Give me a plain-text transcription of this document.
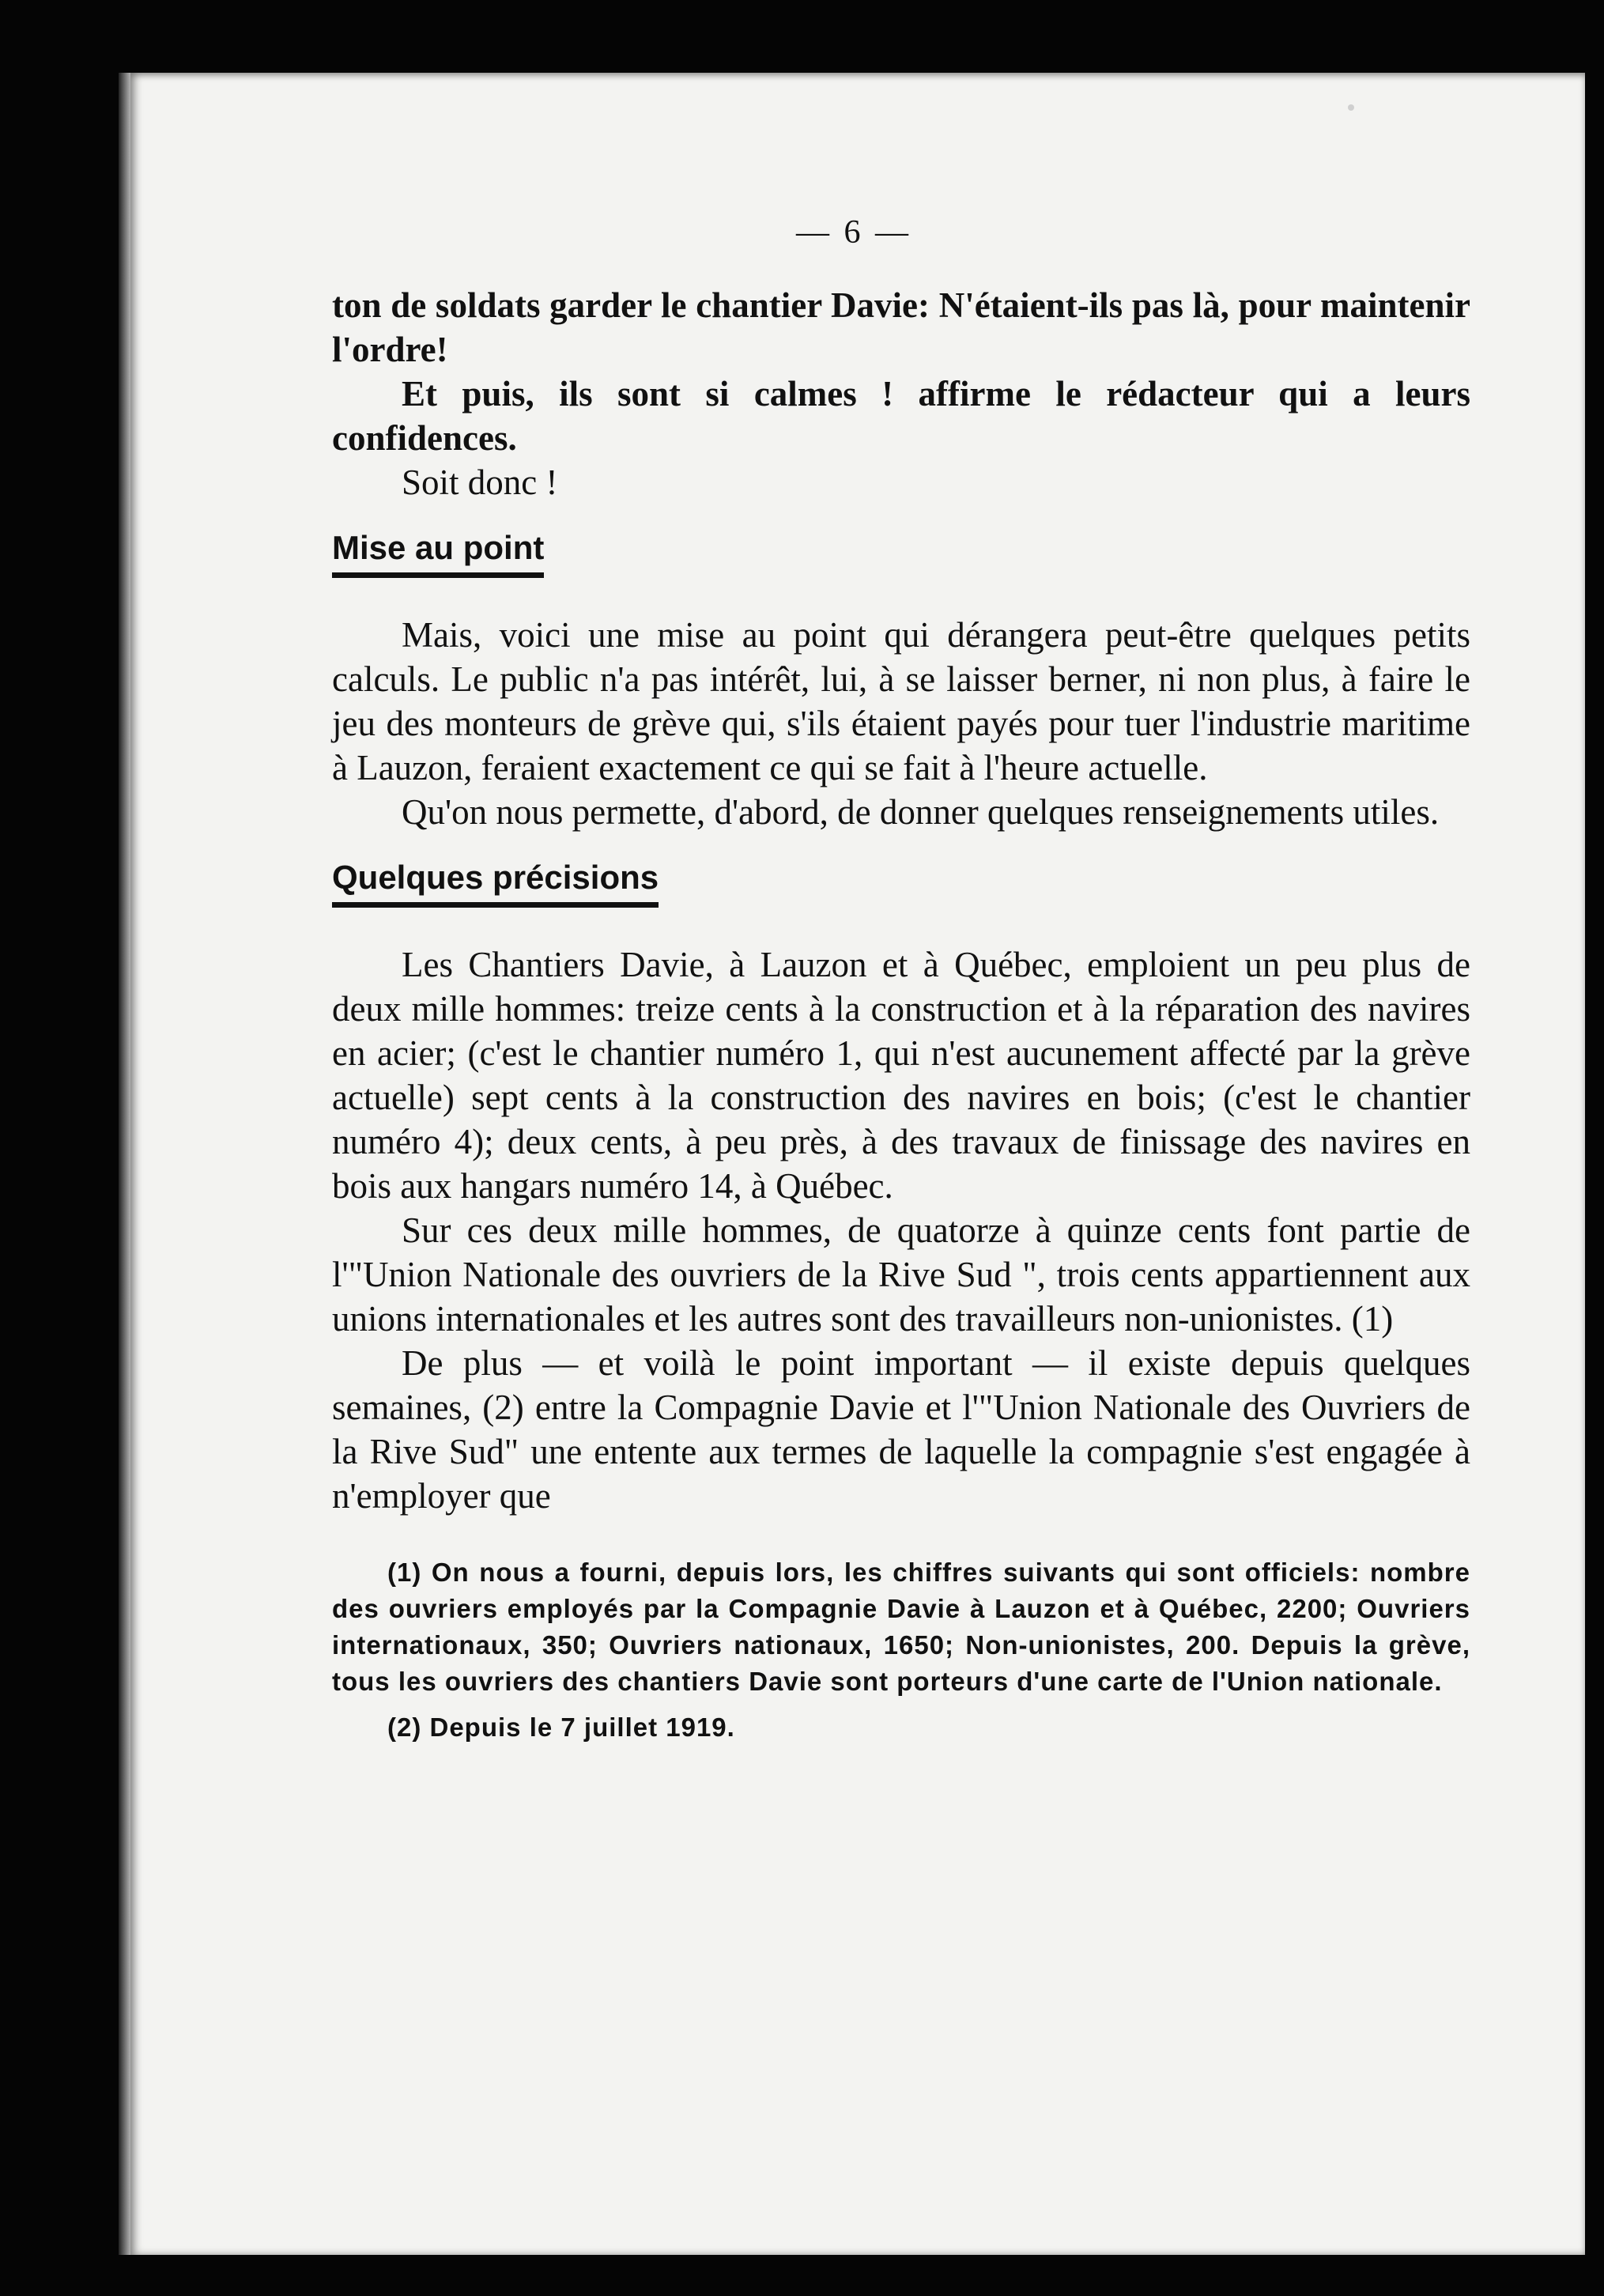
— 6 —

ton de soldats garder le chantier Davie: N'étaient-ils pas là, pour maintenir l'ordre!

Et puis, ils sont si calmes ! affirme le rédacteur qui a leurs confidences.

Soit donc !

Mise au point

Mais, voici une mise au point qui dérangera peut-être quelques petits calculs. Le public n'a pas intérêt, lui, à se laisser berner, ni non plus, à faire le jeu des monteurs de grève qui, s'ils étaient payés pour tuer l'industrie maritime à Lauzon, feraient exactement ce qui se fait à l'heure actuelle.

Qu'on nous permette, d'abord, de donner quelques renseignements utiles.

Quelques précisions

Les Chantiers Davie, à Lauzon et à Québec, emploient un peu plus de deux mille hommes: treize cents à la construction et à la réparation des navires en acier; (c'est le chantier numéro 1, qui n'est aucunement affecté par la grève actuelle) sept cents à la construction des navires en bois; (c'est le chantier numéro 4); deux cents, à peu près, à des travaux de finissage des navires en bois aux hangars numéro 14, à Québec.

Sur ces deux mille hommes, de quatorze à quinze cents font partie de l'"Union Nationale des ouvriers de la Rive Sud ", trois cents appartiennent aux unions internationales et les autres sont des travailleurs non-unionistes. (1)

De plus — et voilà le point important — il existe depuis quelques semaines, (2) entre la Compagnie Davie et l'"Union Nationale des Ouvriers de la Rive Sud" une entente aux termes de laquelle la compagnie s'est engagée à n'employer que

(1) On nous a fourni, depuis lors, les chiffres suivants qui sont officiels: nombre des ouvriers employés par la Compagnie Davie à Lauzon et à Québec, 2200; Ouvriers internationaux, 350; Ouvriers nationaux, 1650; Non-unionistes, 200. Depuis la grève, tous les ouvriers des chantiers Davie sont porteurs d'une carte de l'Union nationale.

(2) Depuis le 7 juillet 1919.
